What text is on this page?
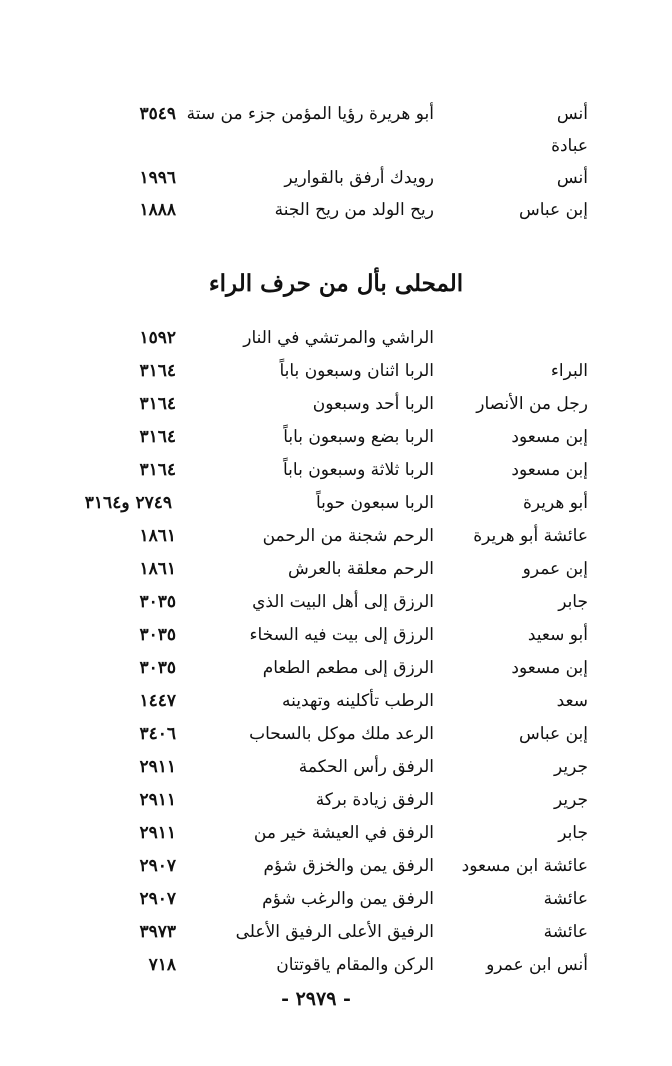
أنس
أبو هريرة رؤيا المؤمن جزء من ستة
٣٥٤٩
عبادة
أنس
رويدك أرفق بالقوارير
١٩٩٦
إبن عباس
ريح الولد من ريح الجنة
١٨٨٨
المحلى بأل من حرف الراء
الراشي والمرتشي في النار
١٥٩٢
البراء
الربا اثنان وسبعون باباً
٣١٦٤
رجل من الأنصار
الربا أحد وسبعون
٣١٦٤
إبن مسعود
الربا بضع وسبعون باباً
٣١٦٤
إبن مسعود
الربا ثلاثة وسبعون باباً
٣١٦٤
أبو هريرة
الربا سبعون حوباً
٢٧٤٩ و٣١٦٤
عائشة أبو هريرة
الرحم شجنة من الرحمن
١٨٦١
إبن عمرو
الرحم معلقة بالعرش
١٨٦١
جابر
الرزق إلى أهل البيت الذي
٣٠٣٥
أبو سعيد
الرزق إلى بيت فيه السخاء
٣٠٣٥
إبن مسعود
الرزق إلى مطعم الطعام
٣٠٣٥
سعد
الرطب تأكلينه وتهدينه
١٤٤٧
إبن عباس
الرعد ملك موكل بالسحاب
٣٤٠٦
جرير
الرفق رأس الحكمة
٢٩١١
جرير
الرفق زيادة بركة
٢٩١١
جابر
الرفق في العيشة خير من
٢٩١١
عائشة ابن مسعود
الرفق يمن والخزق شؤم
٢٩٠٧
عائشة
الرفق يمن والرغب شؤم
٢٩٠٧
عائشة
الرفيق الأعلى الرفيق الأعلى
٣٩٧٣
أنس ابن عمرو
الركن والمقام ياقوتتان
٧١٨
- ٢٩٧٩ -
